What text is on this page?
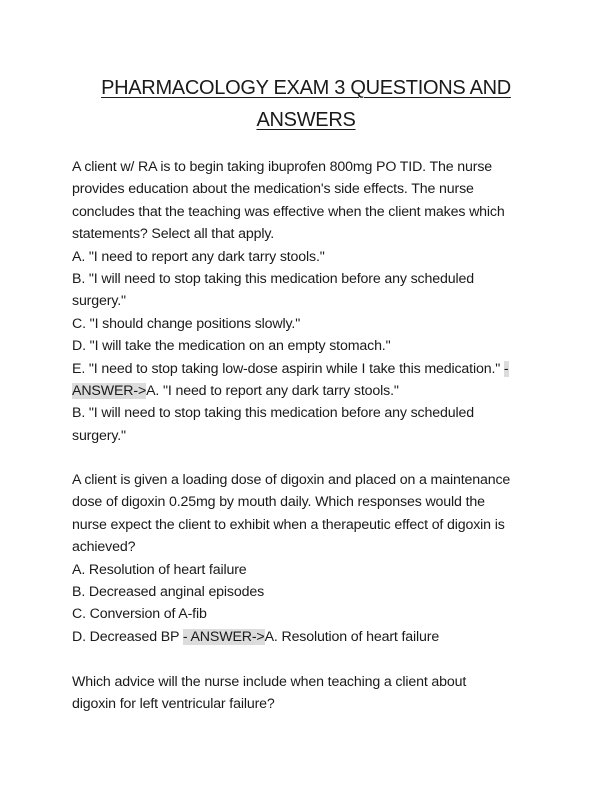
PHARMACOLOGY EXAM 3 QUESTIONS AND
ANSWERS
A client w/ RA is to begin taking ibuprofen 800mg PO TID. The nurse
provides education about the medication's side effects. The nurse
concludes that the teaching was effective when the client makes which
statements? Select all that apply.
A. "I need to report any dark tarry stools."
B. "I will need to stop taking this medication before any scheduled
surgery."
C. "I should change positions slowly."
D. "I will take the medication on an empty stomach."
E. "I need to stop taking low-dose aspirin while I take this medication." -
ANSWER->A. "I need to report any dark tarry stools."
B. "I will need to stop taking this medication before any scheduled
surgery."
A client is given a loading dose of digoxin and placed on a maintenance
dose of digoxin 0.25mg by mouth daily. Which responses would the
nurse expect the client to exhibit when a therapeutic effect of digoxin is
achieved?
A. Resolution of heart failure
B. Decreased anginal episodes
C. Conversion of A-fib
D. Decreased BP - ANSWER->A. Resolution of heart failure
Which advice will the nurse include when teaching a client about
digoxin for left ventricular failure?
